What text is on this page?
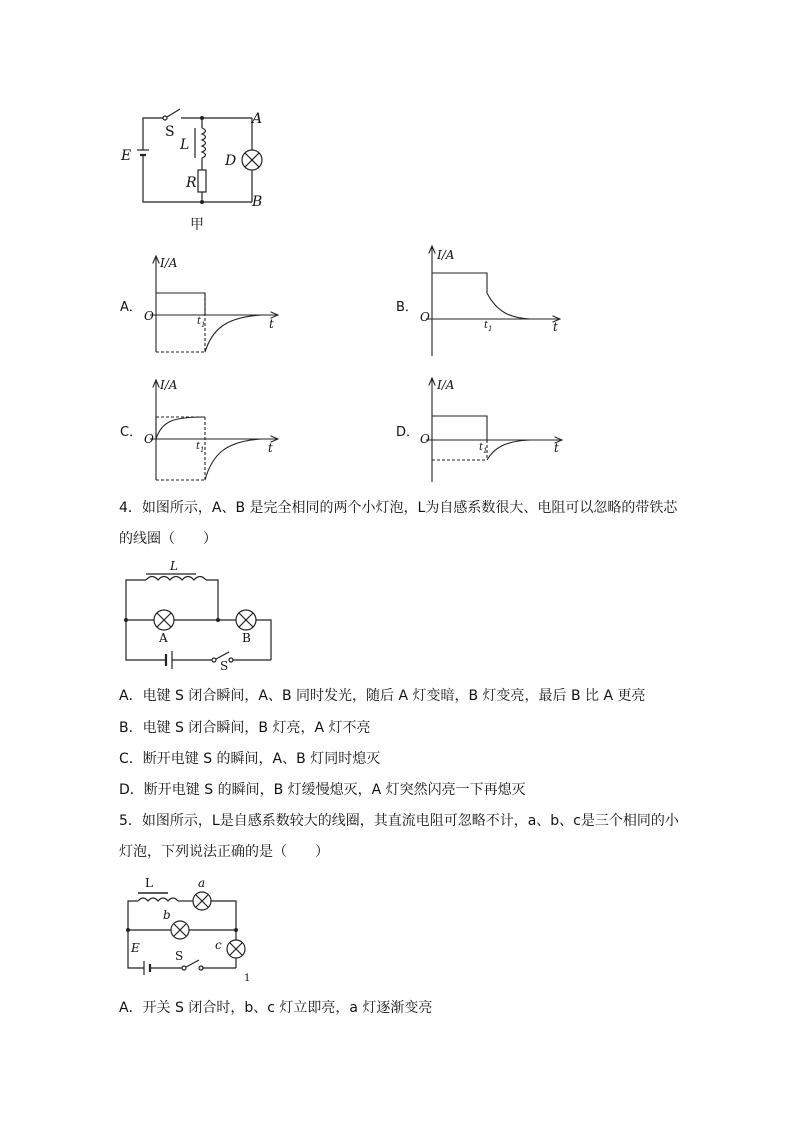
S
E
L
R
D
A
B
甲
A．
I/A
O
t
$t_1$
B．
I/A
O
t
$t_1$
C．
I/A
O
t
$t_1$
D．
I/A
O
t
$t_1$
4．如图所示，A、B 是完全相同的两个小灯泡，L为自感系数很大、电阻可以忽略的带铁芯
的线圈（　　）
L
A	B
S
A．电键 S 闭合瞬间，A、B 同时发光，随后 A 灯变暗，B 灯变亮，最后 B 比 A 更亮
B．电键 S 闭合瞬间，B 灯亮，A 灯不亮
C．断开电键 S 的瞬间，A、B 灯同时熄灭
D．断开电键 S 的瞬间，B 灯缓慢熄灭，A 灯突然闪亮一下再熄灭
5．如图所示，L是自感系数较大的线圈，其直流电阻可忽略不计，a、b、c是三个相同的小
灯泡，下列说法正确的是（　　）
L	a
b
c
E
S
1
A．开关 S 闭合时，b、c 灯立即亮，a 灯逐渐变亮
